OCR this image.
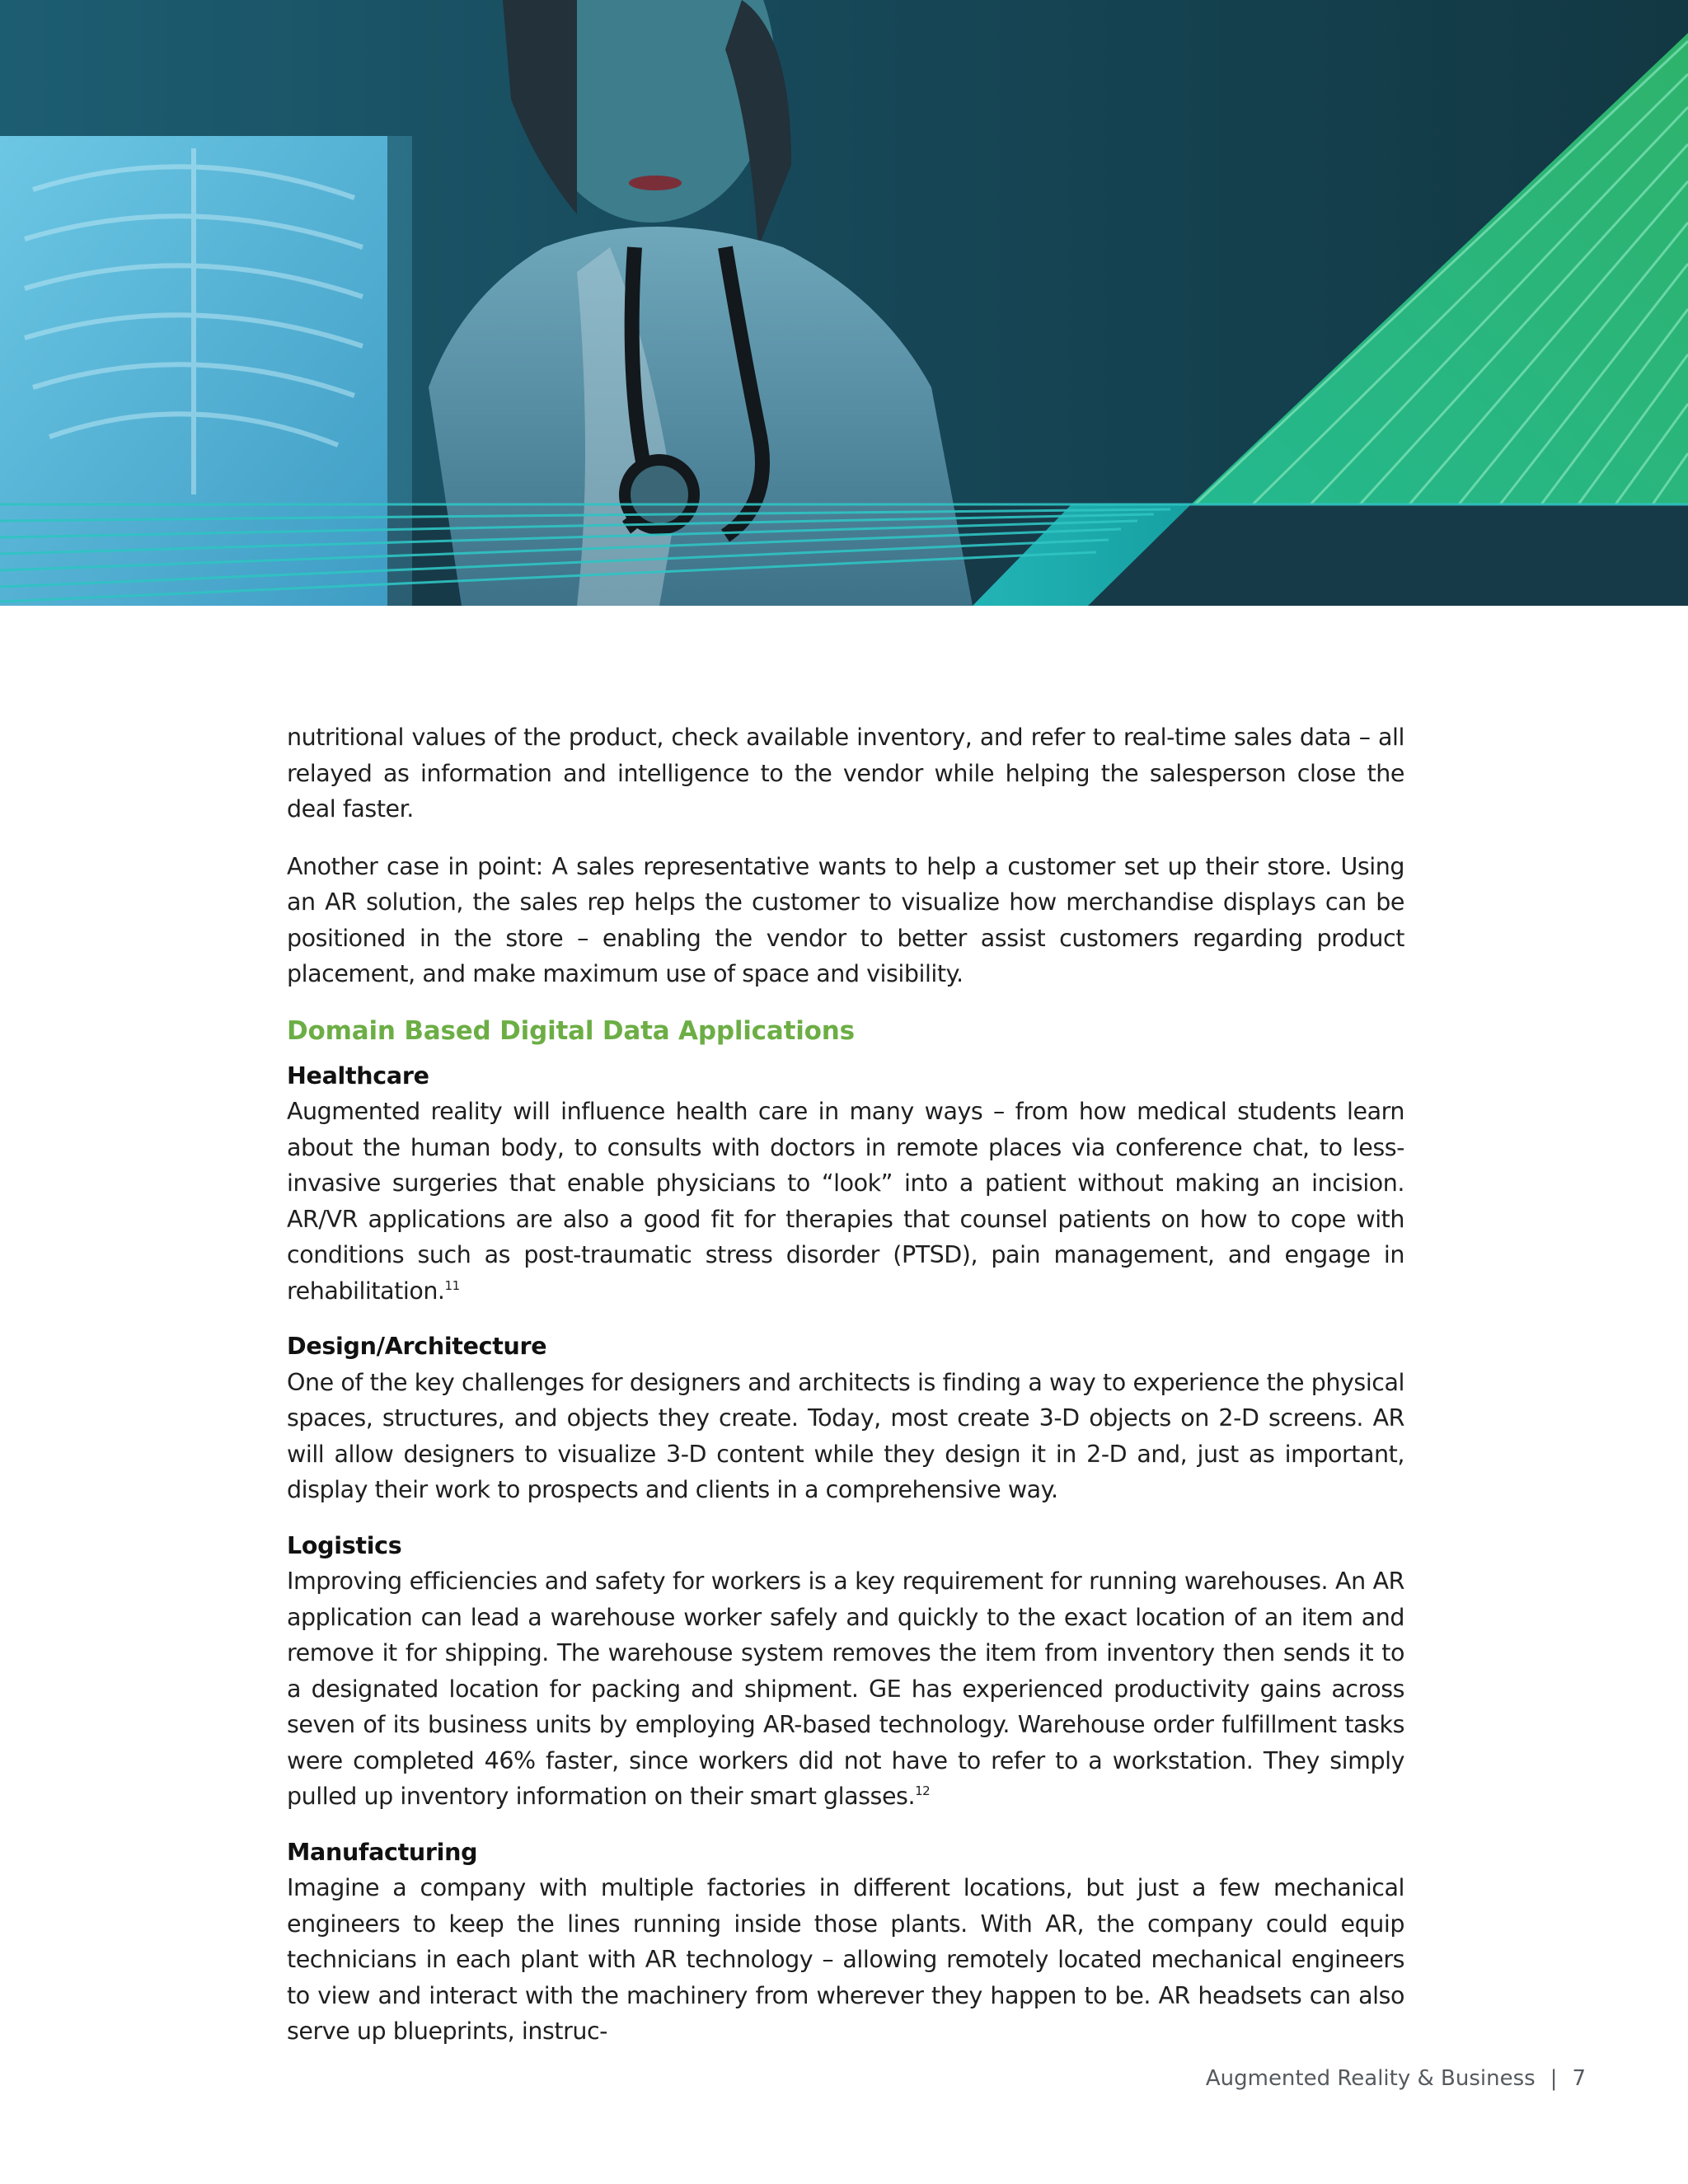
nutritional values of the product, check available inventory, and refer to real-time sales data – all relayed as information and intelligence to the vendor while helping the salesperson close the deal faster.

Another case in point: A sales representative wants to help a customer set up their store. Using an AR solution, the sales rep helps the customer to visualize how merchandise displays can be positioned in the store – enabling the vendor to better assist customers regarding product placement, and make maximum use of space and visibility.

Domain Based Digital Data Applications
Healthcare

Augmented reality will influence health care in many ways – from how medical students learn about the human body, to consults with doctors in remote places via conference chat, to less-invasive surgeries that enable physicians to “look” into a patient without making an incision. AR/VR applications are also a good fit for therapies that counsel patients on how to cope with conditions such as post-traumatic stress disorder (PTSD), pain management, and engage in rehabilitation.$^{11}$

Design/Architecture

One of the key challenges for designers and architects is finding a way to experience the physical spaces, structures, and objects they create. Today, most create 3-D objects on 2-D screens. AR will allow designers to visualize 3-D content while they design it in 2-D and, just as important, display their work to prospects and clients in a comprehensive way.

Logistics

Improving efficiencies and safety for workers is a key requirement for running warehouses. An AR application can lead a warehouse worker safely and quickly to the exact location of an item and remove it for shipping. The warehouse system removes the item from inventory then sends it to a designated location for packing and shipment. GE has experienced productivity gains across seven of its business units by employing AR-based technology. Warehouse order fulfillment tasks were completed 46% faster, since workers did not have to refer to a workstation. They simply pulled up inventory information on their smart glasses.$^{12}$

Manufacturing

Imagine a company with multiple factories in different locations, but just a few mechanical engineers to keep the lines running inside those plants. With AR, the company could equip technicians in each plant with AR technology – allowing remotely located mechanical engineers to view and interact with the machinery from wherever they happen to be. AR headsets can also serve up blueprints, instruc-

Augmented Reality & Business | 7
